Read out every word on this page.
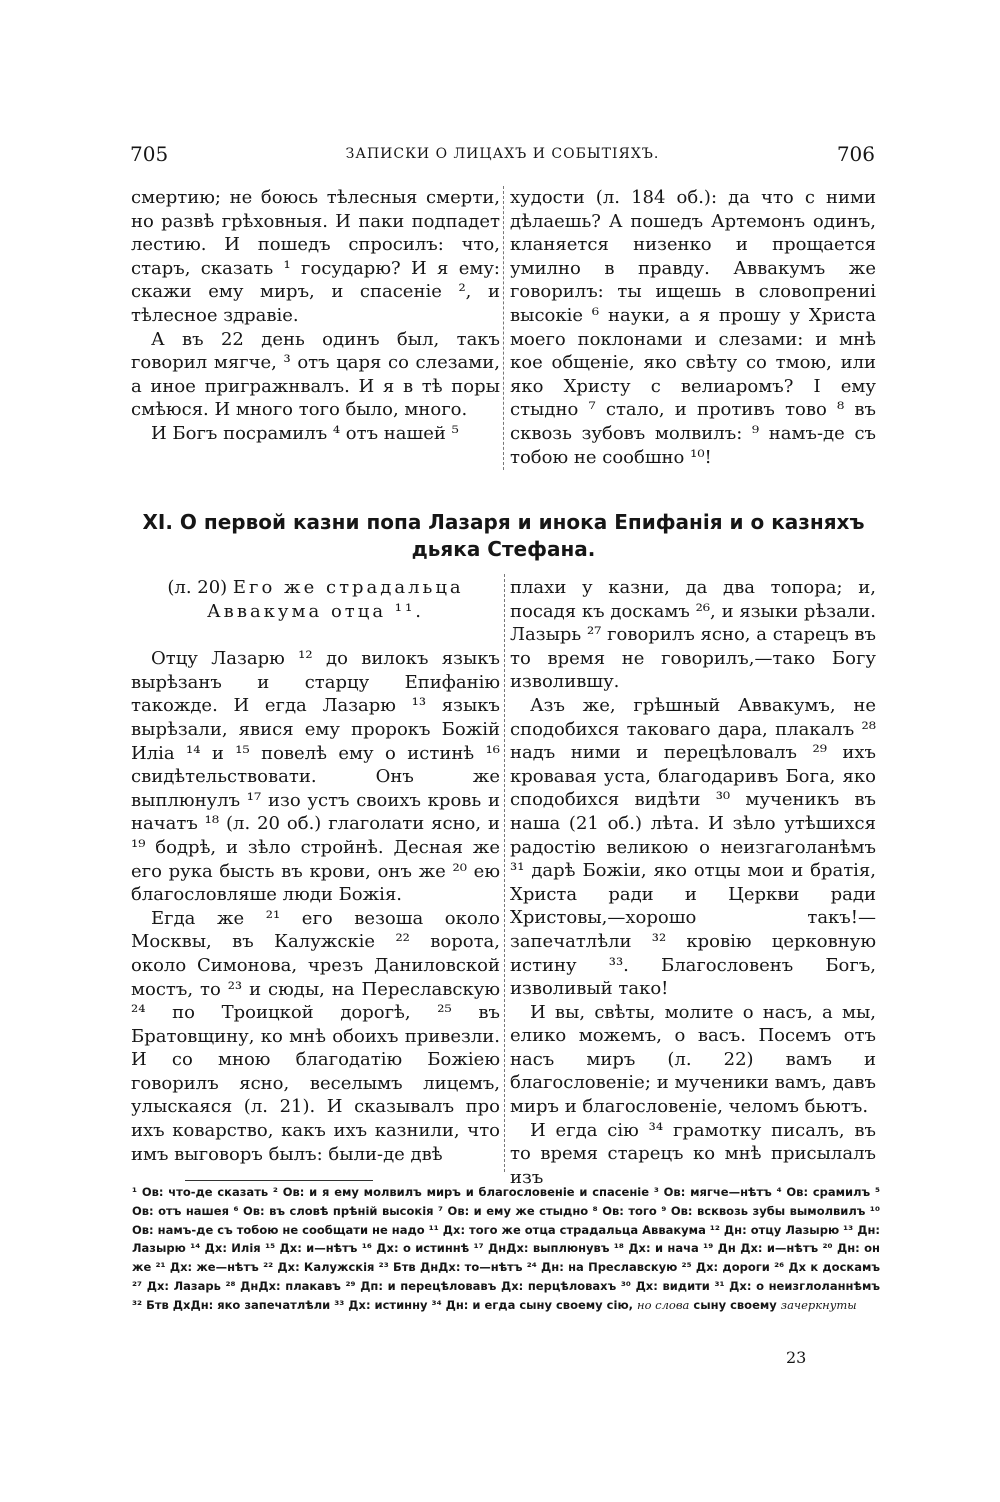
705	ЗАПИСКИ О ЛИЦАХЪ И СОБЫТІЯХЪ.	706

смертию; не боюсь тѣлесныя смерти, но развѣ грѣховныя. И паки подпадет лестию. И пошедъ спросилъ: что, старъ, сказать ¹ государю? И я ему: скажи ему миръ, и спасеніе ², и тѣлесное здравіе.

А въ 22 день одинъ был, такъ говорил мягче, ³ отъ царя со слезами, а иное пригражнвалъ. И я в тѣ поры смѣюся. И много того было, много.

И Богъ посрамилъ ⁴ отъ нашей ⁵

худости (л. 184 об.): да что с ними дѣлаешь? А пошедъ Артемонъ одинъ, кланяется низенко и прощается умилно в правду. Аввакумъ же говорилъ: ты ищешь в словопрениі высокіе ⁶ науки, а я прошу у Христа моего поклонами и слезами: и мнѣ кое общеніе, яко свѣту со тмою, или яко Христу с велиаромъ? I ему стыдно ⁷ стало, и противъ тово ⁸ въ сквозь зубовъ молвилъ: ⁹ намъ-де съ тобою не сообшно ¹⁰!

XI. О первой казни попа Лазаря и инока Епифанія и о казняхъ дьяка Стефана.

(л. 20) Его же страдальца Аввакума отца ¹¹.

Отцу Лазарю ¹² до вилокъ языкъ вырѣзанъ и старцу Епифанію такожде. И егда Лазарю ¹³ языкъ вырѣзали, явися ему пророкъ Божій Иліа ¹⁴ и ¹⁵ повелѣ ему о истинѣ ¹⁶ свидѣтельствовати. Онъ же выплюнулъ ¹⁷ изо устъ своихъ кровь и начатъ ¹⁸ (л. 20 об.) глаголати ясно, и ¹⁹ бодрѣ, и зѣло стройнѣ. Десная же его рука бысть въ крови, онъ же ²⁰ ею благословляше люди Божія.

Егда же ²¹ его везоша около Москвы, въ Калужскіе ²² ворота, около Симонова, чрезъ Даниловской мостъ, то ²³ и сюды, на Переславскую ²⁴ по Троицкой дорогѣ, ²⁵ въ Братовщину, ко мнѣ обоихъ привезли. И со мною благодатію Божіею говорилъ ясно, веселымъ лицемъ, улыскаяся (л. 21). И сказывалъ про ихъ коварство, какъ ихъ казнили, что имъ выговоръ былъ: были-де двѣ

плахи у казни, да два топора; и, посадя къ доскамъ ²⁶, и языки рѣзали. Лазырь ²⁷ говорилъ ясно, а старецъ въ то время не говорилъ,—тако Богу изволившу.

Азъ же, грѣшный Аввакумъ, не сподобихся таковаго дара, плакалъ ²⁸ надъ ними и перецѣловалъ ²⁹ ихъ кровавая уста, благодаривъ Бога, яко сподобихся видѣти ³⁰ мученикъ въ наша (21 об.) лѣта. И зѣло утѣшихся радостію великою о неизгаголанѣмъ ³¹ дарѣ Божіи, яко отцы мои и братія, Христа ради и Церкви ради Христовы,—хорошо такъ!—запечатлѣли ³² кровію церковную истину ³³. Благословенъ Богъ, изволивый тако!

И вы, свѣты, молите о насъ, а мы, елико можемъ, о васъ. Посемъ отъ насъ миръ (л. 22) вамъ и благословеніе; и мученики вамъ, давъ миръ и благословеніе, челомъ бьютъ.

И егда сію ³⁴ грамотку писалъ, въ то время старецъ ко мнѣ присылалъ изъ

¹ Ов: что-де сказать ² Ов: и я ему молвилъ миръ и благословеніе и спасеніе ³ Ов: мягче—нѣтъ ⁴ Ов: срамилъ ⁵ Ов: отъ нашея ⁶ Ов: въ словѣ прѣній высокія ⁷ Ов: и ему же стыдно ⁸ Ов: того ⁹ Ов: всквозь зубы вымолвилъ ¹⁰ Ов: намъ-де съ тобою не сообщати не надо ¹¹ Дх: того же отца страдальца Аввакума ¹² Дн: отцу Лазырю ¹³ Дн: Лазырю ¹⁴ Дх: Илія ¹⁵ Дх: и—нѣтъ ¹⁶ Дх: о истиннѣ ¹⁷ ДнДх: выплюнувъ ¹⁸ Дх: и нача ¹⁹ Дн Дх: и—нѣтъ ²⁰ Дн: он же ²¹ Дх: же—нѣтъ ²² Дх: Калужскія ²³ Бтв ДнДх: то—нѣтъ ²⁴ Дн: на Преславскую ²⁵ Дх: дороги ²⁶ Дх к доскамъ ²⁷ Дх: Лазарь ²⁸ ДнДх: плакавъ ²⁹ Дп: и перецѣловавъ Дх: перцѣловахъ ³⁰ Дх: видити ³¹ Дх: о неизглоланнѣмъ ³² Бтв ДхДн: яко запечатлѣли ³³ Дх: истинну ³⁴ Дн: и егда сыну своему сію, но слова сыну своему зачеркнуты
23
